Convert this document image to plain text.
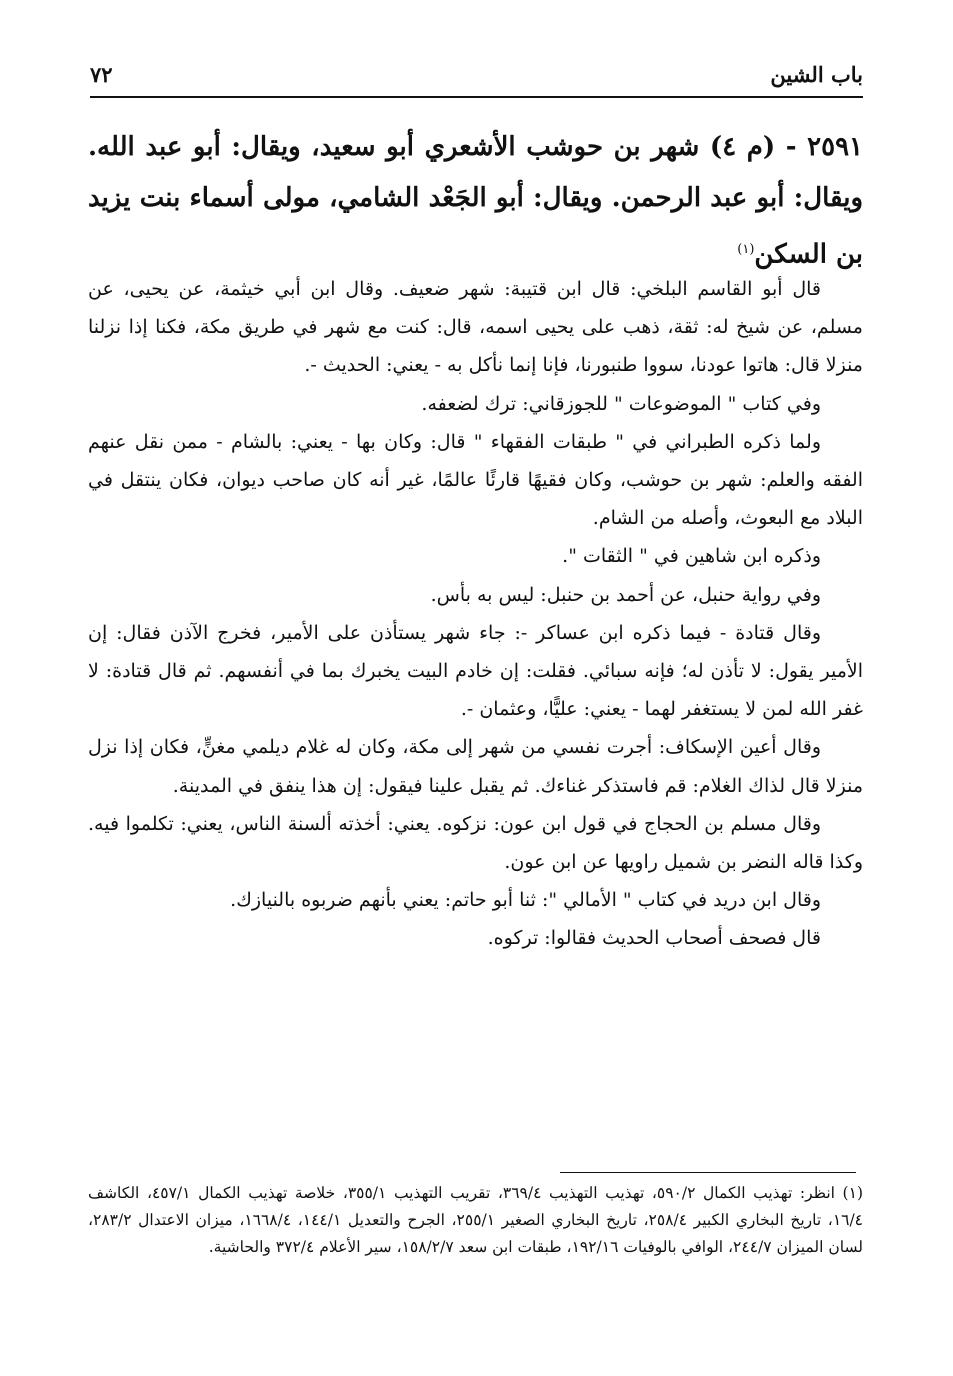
باب الشين
٧٢
٢٥٩١ - (م ٤) شهر بن حوشب الأشعري أبو سعيد، ويقال: أبو عبد الله. ويقال: أبو عبد الرحمن. ويقال: أبو الجَعْد الشامي، مولى أسماء بنت يزيد بن السكن$^{(١)}$

قال أبو القاسم البلخي: قال ابن قتيبة: شهر ضعيف. وقال ابن أبي خيثمة، عن يحيى، عن مسلم، عن شيخ له: ثقة، ذهب على يحيى اسمه، قال: كنت مع شهر في طريق مكة، فكنا إذا نزلنا منزلا قال: هاتوا عودنا، سووا طنبورنا، فإنا إنما نأكل به - يعني: الحديث -.

وفي كتاب " الموضوعات " للجوزقاني: ترك لضعفه.

ولما ذكره الطبراني في " طبقات الفقهاء " قال: وكان بها - يعني: بالشام - ممن نقل عنهم الفقه والعلم: شهر بن حوشب، وكان فقيهًا قارئًا عالمًا، غير أنه كان صاحب ديوان، فكان ينتقل في البلاد مع البعوث، وأصله من الشام.

وذكره ابن شاهين في " الثقات ".

وفي رواية حنبل، عن أحمد بن حنبل: ليس به بأس.

وقال قتادة - فيما ذكره ابن عساكر -: جاء شهر يستأذن على الأمير، فخرج الآذن فقال: إن الأمير يقول: لا تأذن له؛ فإنه سبائي. فقلت: إن خادم البيت يخبرك بما في أنفسهم. ثم قال قتادة: لا غفر الله لمن لا يستغفر لهما - يعني: عليًّا، وعثمان -.

وقال أعين الإسكاف: أجرت نفسي من شهر إلى مكة، وكان له غلام ديلمي مغنٍّ، فكان إذا نزل منزلا قال لذاك الغلام: قم فاستذكر غناءك. ثم يقبل علينا فيقول: إن هذا ينفق في المدينة.

وقال مسلم بن الحجاج في قول ابن عون: نزكوه. يعني: أخذته ألسنة الناس، يعني: تكلموا فيه. وكذا قاله النضر بن شميل راويها عن ابن عون.

وقال ابن دريد في كتاب " الأمالي ": ثنا أبو حاتم: يعني بأنهم ضربوه بالنيازك.

قال فصحف أصحاب الحديث فقالوا: تركوه.

(١) انظر: تهذيب الكمال ٥٩٠/٢، تهذيب التهذيب ٣٦٩/٤، تقريب التهذيب ٣٥٥/١، خلاصة تهذيب الكمال ٤٥٧/١، الكاشف ١٦/٤، تاريخ البخاري الكبير ٢٥٨/٤، تاريخ البخاري الصغير ٢٥٥/١، الجرح والتعديل ١٤٤/١، ١٦٦٨/٤، ميزان الاعتدال ٢٨٣/٢، لسان الميزان ٢٤٤/٧، الوافي بالوفيات ١٩٢/١٦، طبقات ابن سعد ١٥٨/٢/٧، سير الأعلام ٣٧٢/٤ والحاشية.
